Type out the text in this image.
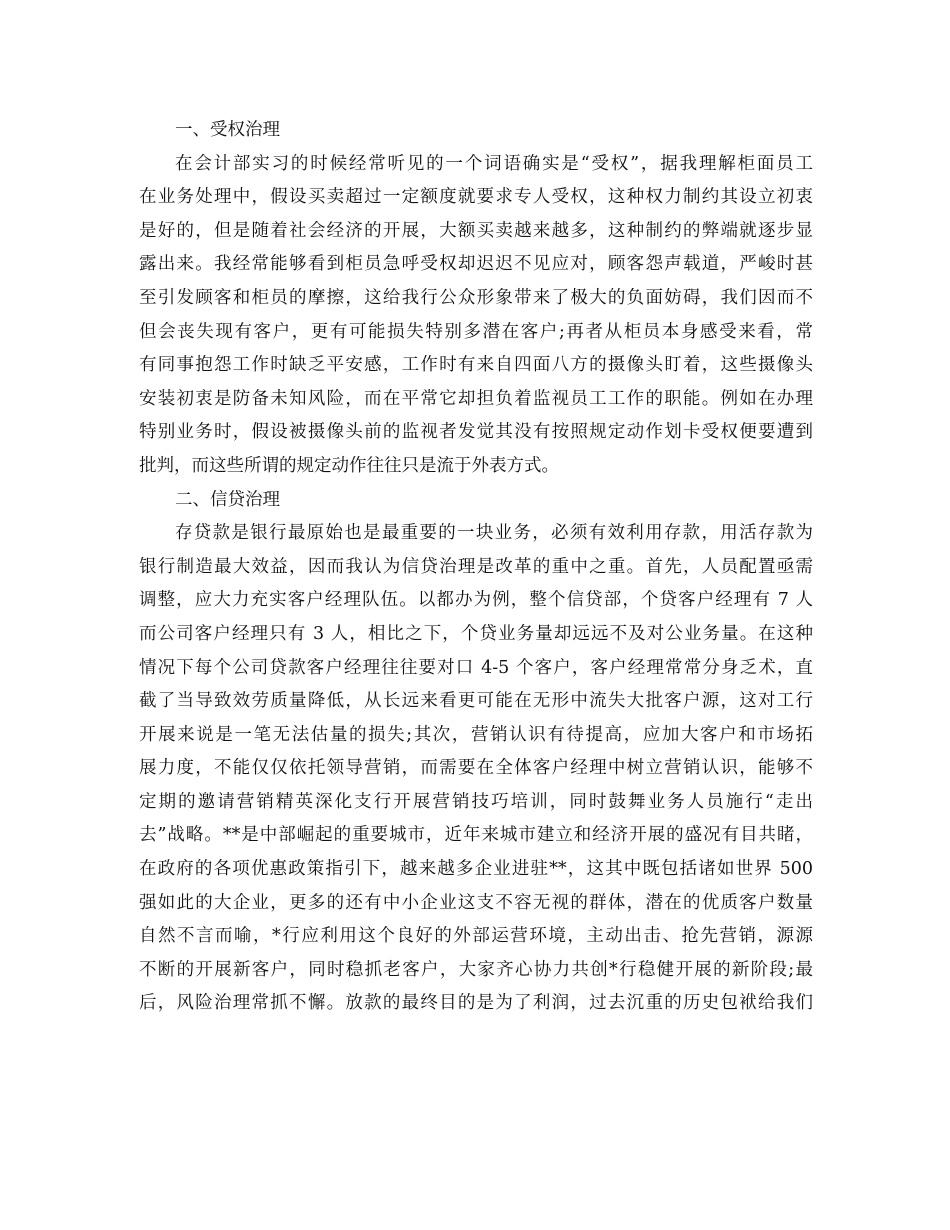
一、受权治理

在会计部实习的时候经常听见的一个词语确实是“受权”，据我理解柜面员工
在业务处理中，假设买卖超过一定额度就要求专人受权，这种权力制约其设立初衷
是好的，但是随着社会经济的开展，大额买卖越来越多，这种制约的弊端就逐步显
露出来。我经常能够看到柜员急呼受权却迟迟不见应对，顾客怨声载道，严峻时甚
至引发顾客和柜员的摩擦，这给我行公众形象带来了极大的负面妨碍，我们因而不
但会丧失现有客户，更有可能损失特别多潜在客户;再者从柜员本身感受来看，常
有同事抱怨工作时缺乏平安感，工作时有来自四面八方的摄像头盯着，这些摄像头
安装初衷是防备未知风险，而在平常它却担负着监视员工工作的职能。例如在办理
特别业务时，假设被摄像头前的监视者发觉其没有按照规定动作划卡受权便要遭到
批判，而这些所谓的规定动作往往只是流于外表方式。

二、信贷治理

存贷款是银行最原始也是最重要的一块业务，必须有效利用存款，用活存款为
银行制造最大效益，因而我认为信贷治理是改革的重中之重。首先，人员配置亟需
调整，应大力充实客户经理队伍。以都办为例，整个信贷部，个贷客户经理有 7 人
而公司客户经理只有 3 人，相比之下，个贷业务量却远远不及对公业务量。在这种
情况下每个公司贷款客户经理往往要对口 4-5 个客户，客户经理常常分身乏术，直
截了当导致效劳质量降低，从长远来看更可能在无形中流失大批客户源，这对工行
开展来说是一笔无法估量的损失;其次，营销认识有待提高，应加大客户和市场拓
展力度，不能仅仅依托领导营销，而需要在全体客户经理中树立营销认识，能够不
定期的邀请营销精英深化支行开展营销技巧培训，同时鼓舞业务人员施行“走出
去”战略。**是中部崛起的重要城市，近年来城市建立和经济开展的盛况有目共睹，
在政府的各项优惠政策指引下，越来越多企业进驻**，这其中既包括诸如世界 500
强如此的大企业，更多的还有中小企业这支不容无视的群体，潜在的优质客户数量
自然不言而喻，*行应利用这个良好的外部运营环境，主动出击、抢先营销，源源
不断的开展新客户，同时稳抓老客户，大家齐心协力共创*行稳健开展的新阶段;最
后，风险治理常抓不懈。放款的最终目的是为了利润，过去沉重的历史包袱给我们
